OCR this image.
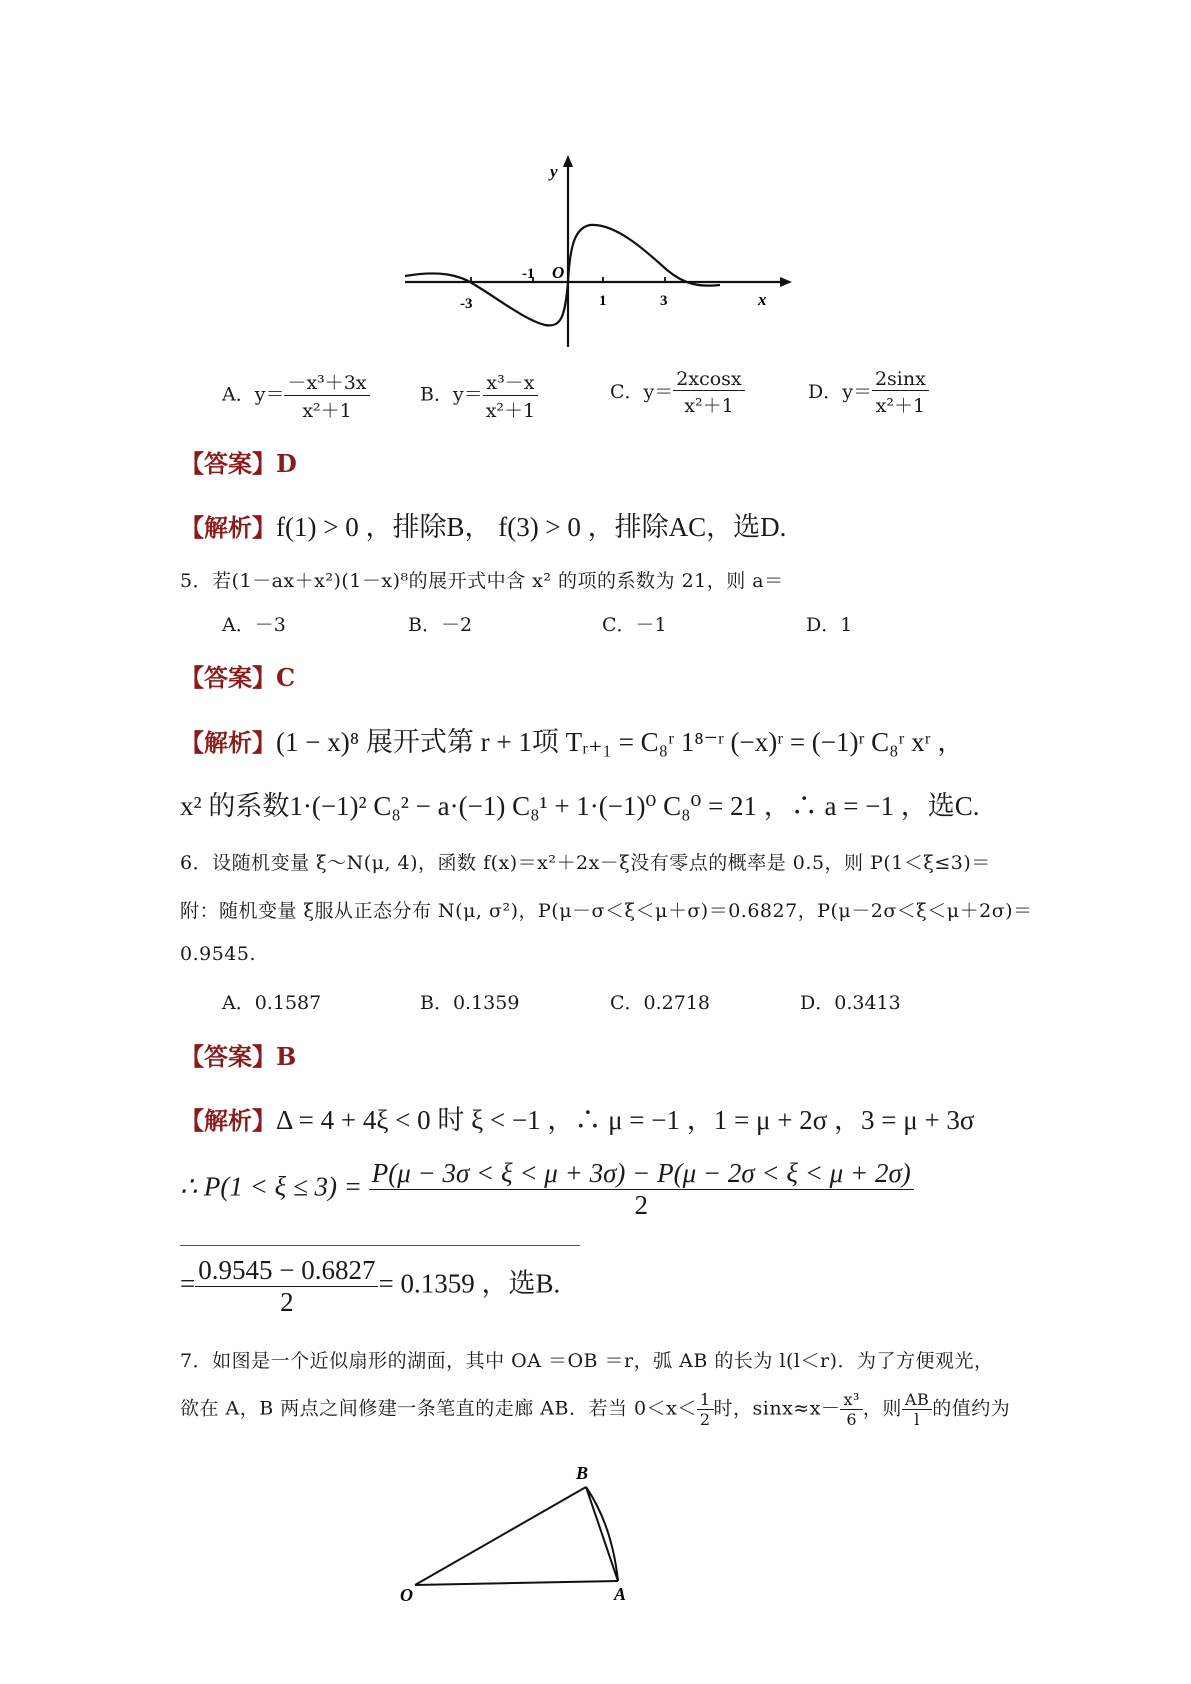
y
x
O
-3
-1
1	3
A．$y= \frac{\text{－x³＋3x}}{\text{x²＋1}}$	B．$y= \frac{\text{x³－x}}{\text{x²＋1}}$	C．$y= \frac{2xcosx}{\text{x²＋1}}$	D．$y= \frac{2\sin x}{\text{x²＋1}}$
【答案】D
【解析】f(1) > 0 ，排除B， f(3) > 0 ，排除AC，选D.
5．若(1－ax＋x²)(1－x)⁸的展开式中含 x² 的项的系数为 21，则 a＝
A．－3	B．－2	C．－1	D．1
【答案】C
【解析】(1 − x)⁸ 展开式第 r + 1项 Tᵣ₊₁ = C₈ʳ 1⁸⁻ʳ (−x)ʳ = (−1)ʳ C₈ʳ xʳ ，
x² 的系数1·(−1)² C₈² − a·(−1) C₈¹ + 1·(−1)⁰ C₈⁰ = 21 ，∴ a = −1 ，选C.
6．设随机变量 ξ～N(μ, 4)，函数 f(x)＝x²＋2x－ξ没有零点的概率是 0.5，则 P(1＜ξ≤3)＝
附：随机变量 ξ服从正态分布 N(μ, σ²)，P(μ－σ＜ξ＜μ＋σ)＝0.6827，P(μ－2σ＜ξ＜μ＋2σ)＝
0.9545.
A．0.1587	B．0.1359	C．0.2718	D．0.3413
【答案】B
【解析】Δ = 4 + 4ξ < 0 时 ξ < −1 ，∴ μ = −1 ，1 = μ + 2σ ，3 = μ + 3σ
∴ $P(1 < \xi \le 3) = \frac{P(\mu - 3\sigma < \xi < \mu + 3\sigma) - P(\mu - 2\sigma < \xi < \mu + 2\sigma)}{2}$
= $\frac{0.9545 - 0.6827}{2} = 0.1359$ ，选B.
7．如图是一个近似扇形的湖面，其中 OA ＝OB ＝r，弧 AB 的长为 l(l＜r)．为了方便观光，
欲在 A，B 两点之间修建一条笔直的走廊 AB．若当 $0<x< \frac{1}{2}$ 时，$\sin x\approx x- \frac{\text{x³}}{6}$ ，则 $\frac{AB}{l}$ 的值约为
O	A
B
